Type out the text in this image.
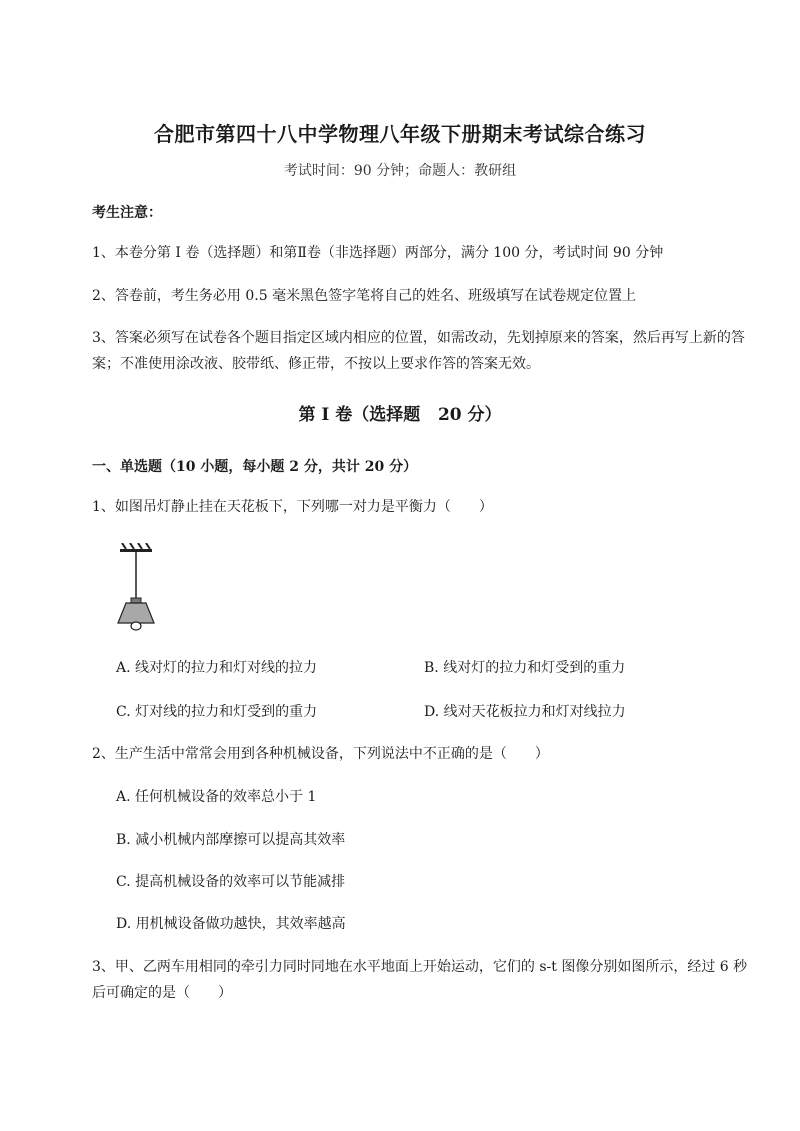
合肥市第四十八中学物理八年级下册期末考试综合练习
考试时间：90 分钟；命题人：教研组
考生注意：
1、本卷分第 I 卷（选择题）和第Ⅱ卷（非选择题）两部分，满分 100 分，考试时间 90 分钟
2、答卷前，考生务必用 0.5 毫米黑色签字笔将自己的姓名、班级填写在试卷规定位置上
3、答案必须写在试卷各个题目指定区域内相应的位置，如需改动，先划掉原来的答案，然后再写上新的答案；不准使用涂改液、胶带纸、修正带，不按以上要求作答的答案无效。
第 I 卷（选择题   20 分）
一、单选题（10 小题，每小题 2 分，共计 20 分）
1、如图吊灯静止挂在天花板下，下列哪一对力是平衡力（　　）
A. 线对灯的拉力和灯对线的拉力	B. 线对灯的拉力和灯受到的重力
C. 灯对线的拉力和灯受到的重力	D. 线对天花板拉力和灯对线拉力
2、生产生活中常常会用到各种机械设备，下列说法中不正确的是（　　）
A. 任何机械设备的效率总小于 1
B. 减小机械内部摩擦可以提高其效率
C. 提高机械设备的效率可以节能减排
D. 用机械设备做功越快，其效率越高
3、甲、乙两车用相同的牵引力同时同地在水平地面上开始运动，它们的 s-t 图像分别如图所示，经过 6 秒后可确定的是（　　）
